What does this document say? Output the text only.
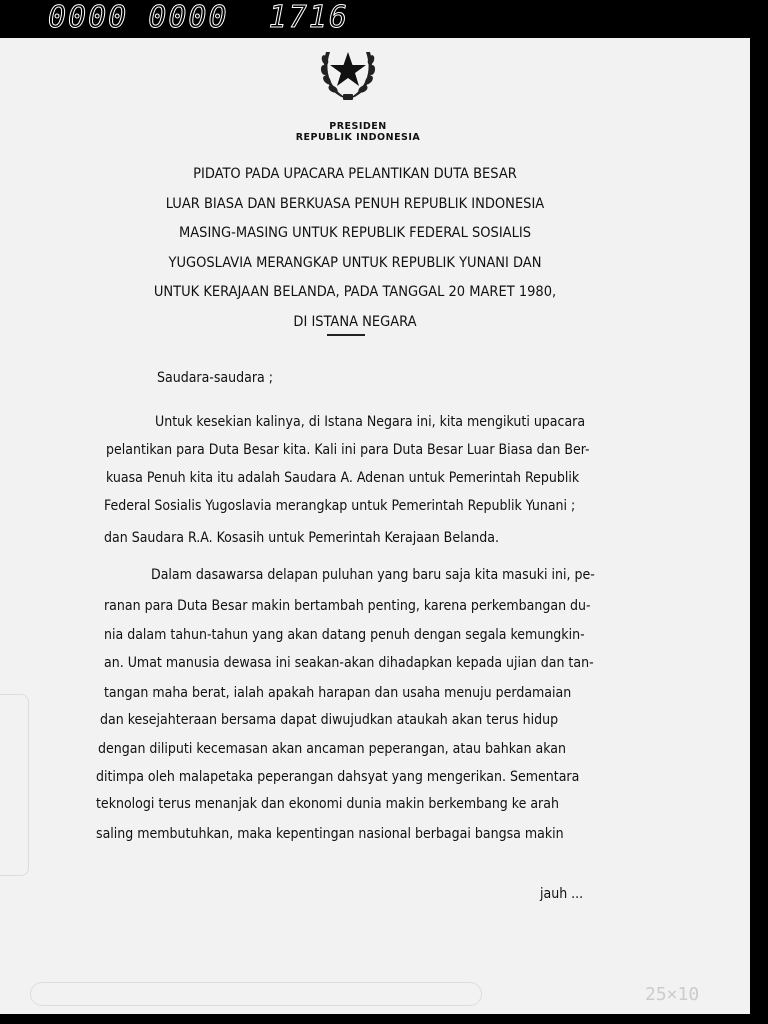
0000 0000  1716
PRESIDEN
REPUBLIK INDONESIA
PIDATO PADA UPACARA PELANTIKAN DUTA BESAR
LUAR BIASA DAN BERKUASA PENUH REPUBLIK INDONESIA
MASING-MASING UNTUK REPUBLIK FEDERAL SOSIALIS
YUGOSLAVIA MERANGKAP UNTUK REPUBLIK YUNANI DAN
UNTUK KERAJAAN BELANDA, PADA TANGGAL 20 MARET 1980,
DI ISTANA NEGARA
Saudara-saudara ;
Untuk kesekian kalinya, di Istana Negara ini, kita mengikuti upacara
pelantikan para Duta Besar kita. Kali ini para Duta Besar Luar Biasa dan Ber-
kuasa Penuh kita itu adalah Saudara A. Adenan untuk Pemerintah Republik
Federal Sosialis Yugoslavia merangkap untuk Pemerintah Republik Yunani ;
dan Saudara R.A. Kosasih untuk Pemerintah Kerajaan Belanda.
Dalam dasawarsa delapan puluhan yang baru saja kita masuki ini, pe-
ranan para Duta Besar makin bertambah penting, karena perkembangan du-
nia dalam tahun-tahun yang akan datang penuh dengan segala kemungkin-
an. Umat manusia dewasa ini seakan-akan dihadapkan kepada ujian dan tan-
tangan maha berat, ialah apakah harapan dan usaha menuju perdamaian
dan kesejahteraan bersama dapat diwujudkan ataukah akan terus hidup
dengan diliputi kecemasan akan ancaman peperangan, atau bahkan akan
ditimpa oleh malapetaka peperangan dahsyat yang mengerikan. Sementara
teknologi terus menanjak dan ekonomi dunia makin berkembang ke arah
saling membutuhkan, maka kepentingan nasional berbagai bangsa makin
jauh ...
25×10
